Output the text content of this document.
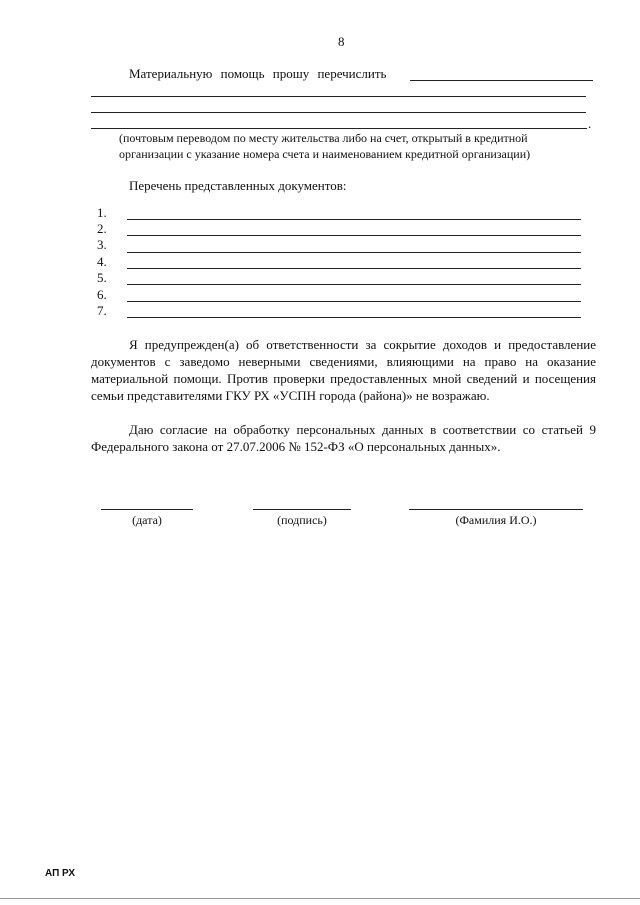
8
Материальную помощь прошу перечислить
.
(почтовым переводом по месту жительства либо на счет, открытый в кредитной
организации с указание номера счета и наименованием кредитной организации)
Перечень представленных документов:
1.
2.
3.
4.
5.
6.
7.
Я предупрежден(а) об ответственности за сокрытие доходов и предоставление документов с заведомо неверными сведениями, влияющими на право на оказание материальной помощи. Против проверки предоставленных мной сведений и посещения семьи представителями ГКУ РХ «УСПН города (района)» не возражаю.
Даю согласие на обработку персональных данных в соответствии со статьей 9 Федерального закона от 27.07.2006 № 152-ФЗ «О персональных данных».
(дата)	(подпись)	(Фамилия И.О.)
АП РХ
